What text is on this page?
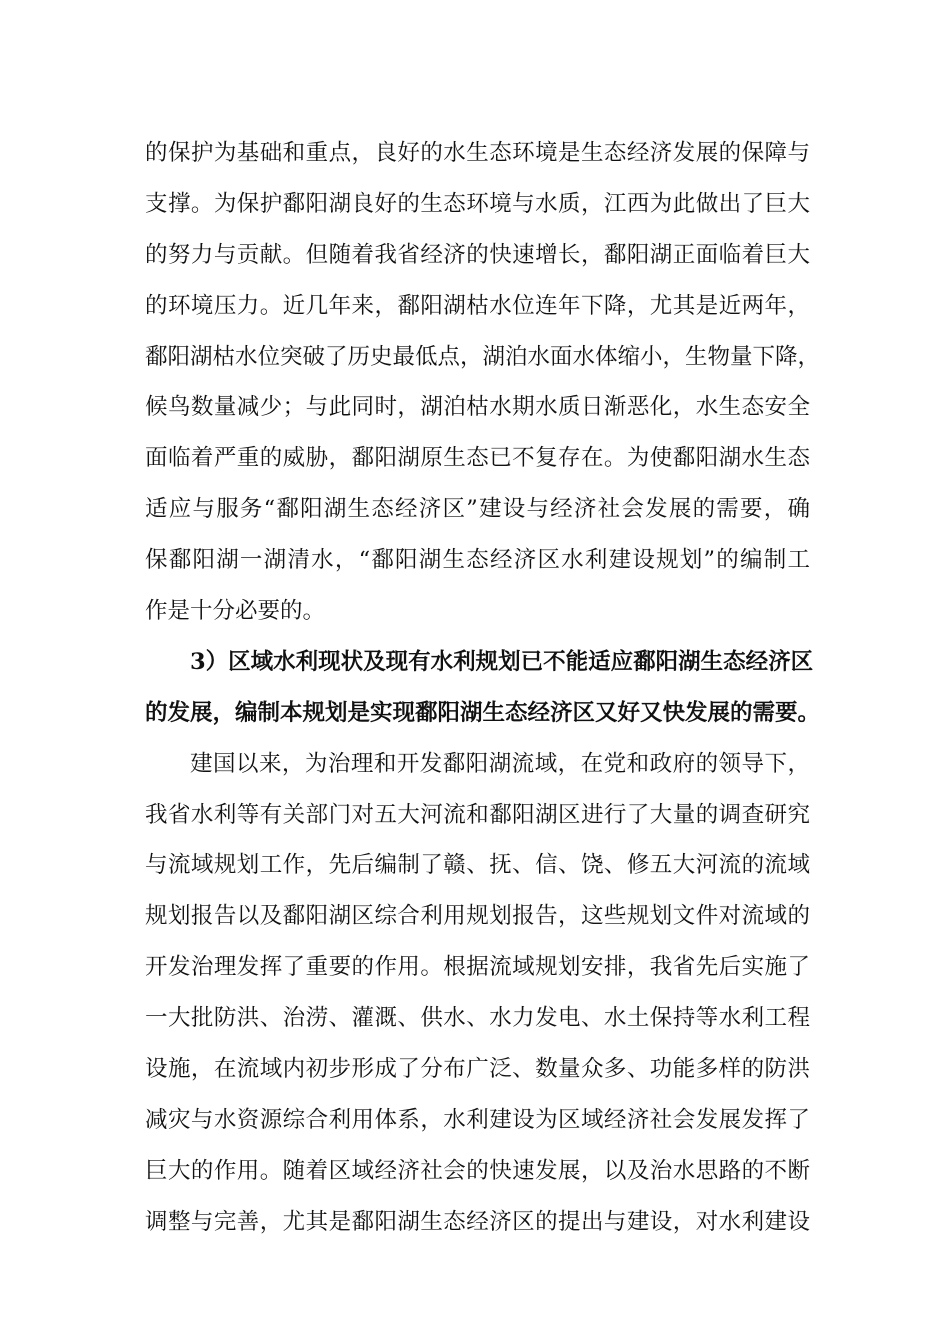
的保护为基础和重点，良好的水生态环境是生态经济发展的保障与
支撑。为保护鄱阳湖良好的生态环境与水质，江西为此做出了巨大
的努力与贡献。但随着我省经济的快速增长，鄱阳湖正面临着巨大
的环境压力。近几年来，鄱阳湖枯水位连年下降，尤其是近两年，
鄱阳湖枯水位突破了历史最低点，湖泊水面水体缩小，生物量下降，
候鸟数量减少；与此同时，湖泊枯水期水质日渐恶化，水生态安全
面临着严重的威胁，鄱阳湖原生态已不复存在。为使鄱阳湖水生态
适应与服务“鄱阳湖生态经济区”建设与经济社会发展的需要，确
保鄱阳湖一湖清水，“鄱阳湖生态经济区水利建设规划”的编制工
作是十分必要的。
3）区域水利现状及现有水利规划已不能适应鄱阳湖生态经济区
的发展，编制本规划是实现鄱阳湖生态经济区又好又快发展的需要。
建国以来，为治理和开发鄱阳湖流域，在党和政府的领导下，
我省水利等有关部门对五大河流和鄱阳湖区进行了大量的调查研究
与流域规划工作，先后编制了赣、抚、信、饶、修五大河流的流域
规划报告以及鄱阳湖区综合利用规划报告，这些规划文件对流域的
开发治理发挥了重要的作用。根据流域规划安排，我省先后实施了
一大批防洪、治涝、灌溉、供水、水力发电、水土保持等水利工程
设施，在流域内初步形成了分布广泛、数量众多、功能多样的防洪
减灾与水资源综合利用体系，水利建设为区域经济社会发展发挥了
巨大的作用。随着区域经济社会的快速发展，以及治水思路的不断
调整与完善，尤其是鄱阳湖生态经济区的提出与建设，对水利建设
